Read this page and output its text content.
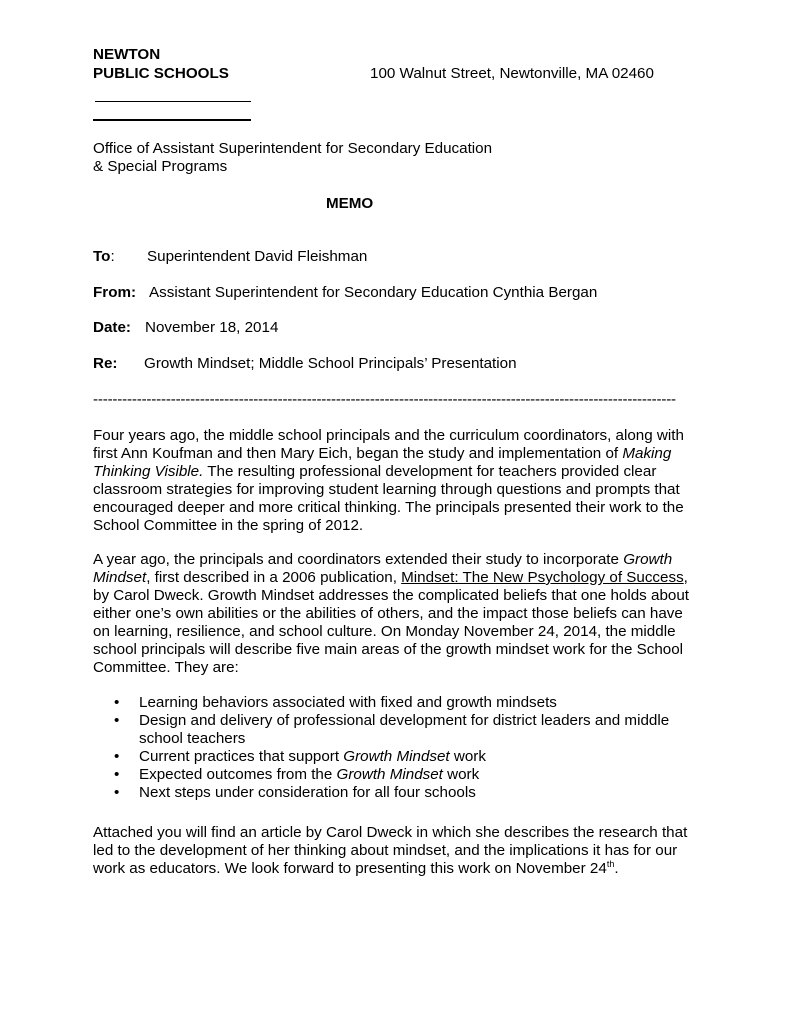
NEWTON
PUBLIC SCHOOLS	100 Walnut Street, Newtonville, MA 02460
Office of Assistant Superintendent for Secondary Education
& Special Programs
MEMO
To: Superintendent David Fleishman
From: Assistant Superintendent for Secondary Education Cynthia Bergan
Date: November 18, 2014
Re: Growth Mindset; Middle School Principals’ Presentation
------------------------------------------------------------------------------------------------------------------------

Four years ago, the middle school principals and the curriculum coordinators, along with first Ann Koufman and then Mary Eich, began the study and implementation of Making Thinking Visible. The resulting professional development for teachers provided clear classroom strategies for improving student learning through questions and prompts that encouraged deeper and more critical thinking. The principals presented their work to the School Committee in the spring of 2012.

A year ago, the principals and coordinators extended their study to incorporate Growth Mindset, first described in a 2006 publication, Mindset: The New Psychology of Success, by Carol Dweck. Growth Mindset addresses the complicated beliefs that one holds about either one’s own abilities or the abilities of others, and the impact those beliefs can have on learning, resilience, and school culture. On Monday November 24, 2014, the middle school principals will describe five main areas of the growth mindset work for the School Committee. They are:

• Learning behaviors associated with fixed and growth mindsets
• Design and delivery of professional development for district leaders and middle school teachers
• Current practices that support Growth Mindset work
• Expected outcomes from the Growth Mindset work
• Next steps under consideration for all four schools

Attached you will find an article by Carol Dweck in which she describes the research that led to the development of her thinking about mindset, and the implications it has for our work as educators. We look forward to presenting this work on November 24th.
